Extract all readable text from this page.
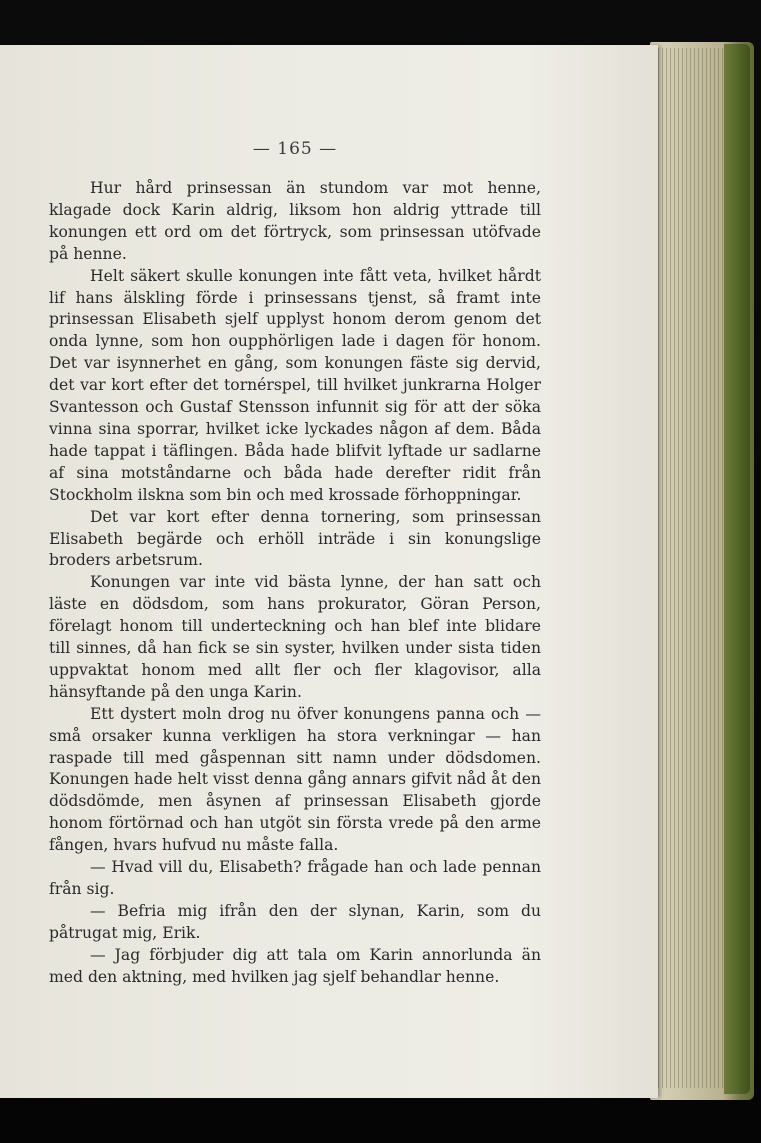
— 165 —

Hur hård prinsessan än stundom var mot henne, klagade dock Karin aldrig, liksom hon aldrig yttrade till konungen ett ord om det förtryck, som prinsessan utöfvade på henne.

Helt säkert skulle konungen inte fått veta, hvilket hårdt lif hans älskling förde i prinsessans tjenst, så framt inte prinsessan Elisabeth sjelf upplyst honom derom genom det onda lynne, som hon oupphörligen lade i dagen för honom. Det var isynnerhet en gång, som konungen fäste sig dervid, det var kort efter det tornérspel, till hvilket junkrarna Holger Svantesson och Gustaf Stensson infunnit sig för att der söka vinna sina sporrar, hvilket icke lyckades någon af dem. Båda hade tappat i täflingen. Båda hade blifvit lyftade ur sadlarne af sina motståndarne och båda hade derefter ridit från Stockholm ilskna som bin och med krossade förhoppningar.

Det var kort efter denna tornering, som prinsessan Elisabeth begärde och erhöll inträde i sin konungslige broders arbetsrum.

Konungen var inte vid bästa lynne, der han satt och läste en dödsdom, som hans prokurator, Göran Person, förelagt honom till underteckning och han blef inte blidare till sinnes, då han fick se sin syster, hvilken under sista tiden uppvaktat honom med allt fler och fler klagovisor, alla hänsyftande på den unga Karin.

Ett dystert moln drog nu öfver konungens panna och — små orsaker kunna verkligen ha stora verkningar — han raspade till med gåspennan sitt namn under dödsdomen. Konungen hade helt visst denna gång annars gifvit nåd åt den dödsdömde, men åsynen af prinsessan Elisabeth gjorde honom förtörnad och han utgöt sin första vrede på den arme fången, hvars hufvud nu måste falla.

— Hvad vill du, Elisabeth? frågade han och lade pennan från sig.

— Befria mig ifrån den der slynan, Karin, som du påtrugat mig, Erik.

— Jag förbjuder dig att tala om Karin annorlunda än med den aktning, med hvilken jag sjelf behandlar henne.
